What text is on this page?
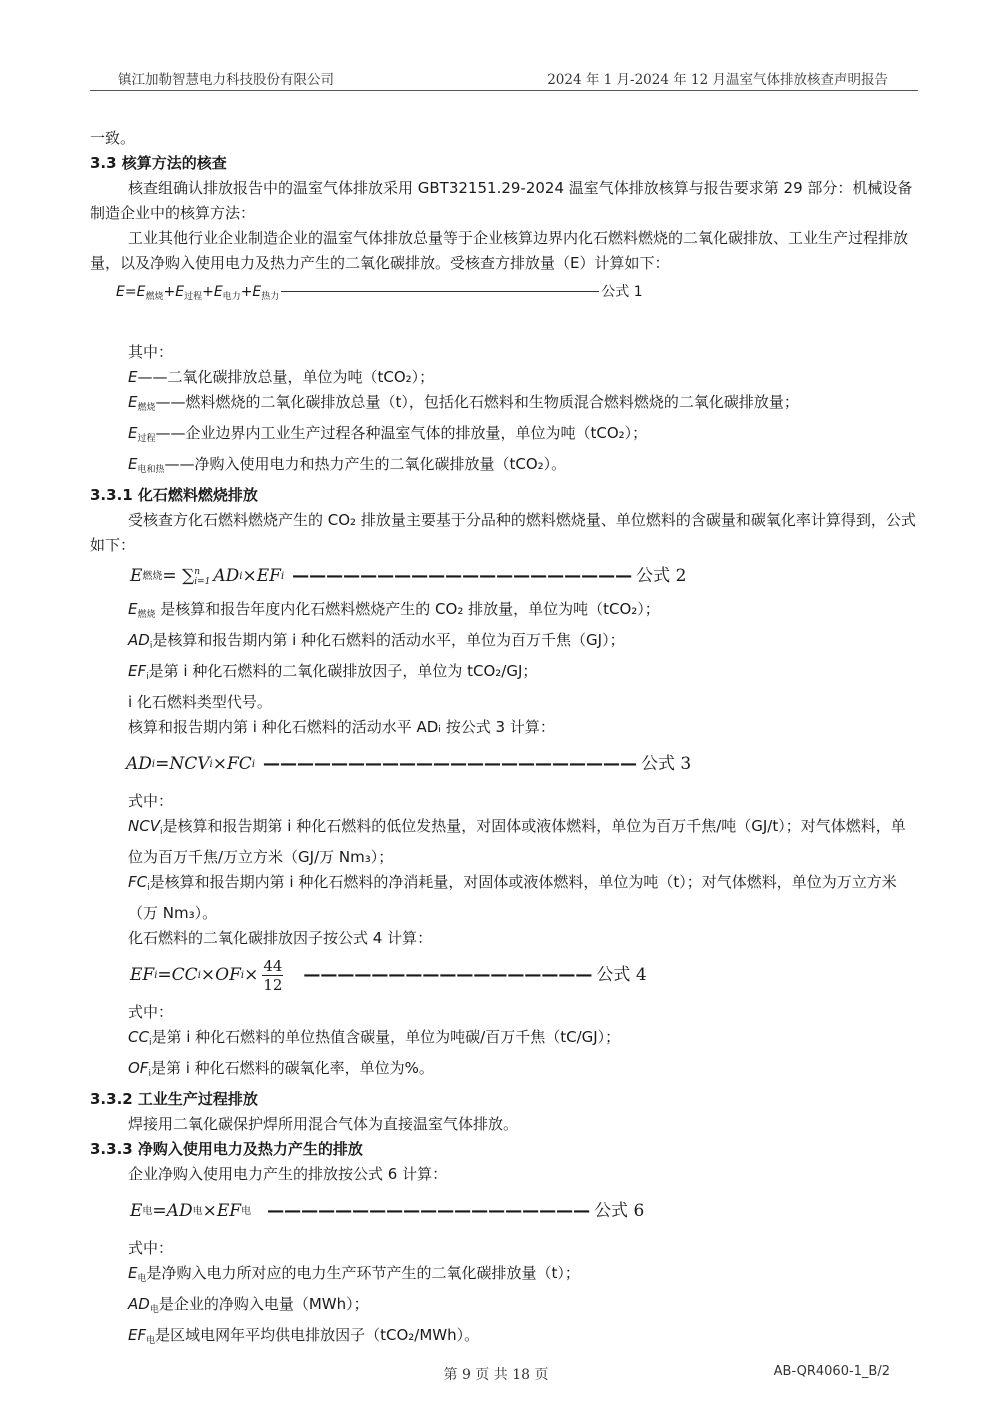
镇江加勒智慧电力科技股份有限公司	2024 年 1 月-2024 年 12 月温室气体排放核查声明报告

一致。

3.3 核算方法的核查

核查组确认排放报告中的温室气体排放采用 GBT32151.29-2024 温室气体排放核算与报告要求第 29 部分：机械设备制造企业中的核算方法：

工业其他行业企业制造企业的温室气体排放总量等于企业核算边界内化石燃料燃烧的二氧化碳排放、工业生产过程排放量，以及净购入使用电力及热力产生的二氧化碳排放。受核查方排放量（E）计算如下：

$E=E_{燃烧}+E_{过程}+E_{电力}+E_{热力}$	公式 1

其中：

E——二氧化碳排放总量，单位为吨（tCO₂）；

$E_{燃烧}——$燃料燃烧的二氧化碳排放总量（t），包括化石燃料和生物质混合燃料燃烧的二氧化碳排放量；

$E_{过程}——$企业边界内工业生产过程各种温室气体的排放量，单位为吨（tCO₂）；

$E_{电和热}——$净购入使用电力和热力产生的二氧化碳排放量（tCO₂）。

3.3.1 化石燃料燃烧排放

受核查方化石燃料燃烧产生的 CO₂ 排放量主要基于分品种的燃料燃烧量、单位燃料的含碳量和碳氧化率计算得到，公式如下：

E 燃烧 = ∑ n
i=1 AD i × EF i ———————————————————— 公式 2

$E_{燃烧}$ 是核算和报告年度内化石燃料燃烧产生的 CO₂ 排放量，单位为吨（tCO₂）；

$AD_i$是核算和报告期内第 i 种化石燃料的活动水平，单位为百万千焦（GJ）；

$EF_i$是第 i 种化石燃料的二氧化碳排放因子，单位为 tCO₂/GJ；

i 化石燃料类型代号。

核算和报告期内第 i 种化石燃料的活动水平 ADᵢ 按公式 3 计算：

AD i = NCV i × FC i —————————————————————— 公式 3

式中：

$NCV_i$是核算和报告期第 i 种化石燃料的低位发热量，对固体或液体燃料，单位为百万千焦/吨（GJ/t）；对气体燃料，单位为百万千焦/万立方米（GJ/万 Nm₃）；

$FC_i$是核算和报告期内第 i 种化石燃料的净消耗量，对固体或液体燃料，单位为吨（t）；对气体燃料，单位为万立方米（万 Nm₃）。

化石燃料的二氧化碳排放因子按公式 4 计算：

EF i = CC i × OF $i \times \frac{44}{12}$ ————————————————— 公式 4

式中：

$CC_i$是第 i 种化石燃料的单位热值含碳量，单位为吨碳/百万千焦（tC/GJ）；

$OF_i$是第 i 种化石燃料的碳氧化率，单位为%。

3.3.2 工业生产过程排放

焊接用二氧化碳保护焊所用混合气体为直接温室气体排放。

3.3.3 净购入使用电力及热力产生的排放

企业净购入使用电力产生的排放按公式 6 计算：

E 电 = AD 电 × EF 电 ——————————————————— 公式 6

式中：

$E_电$是净购入电力所对应的电力生产环节产生的二氧化碳排放量（t）；

$AD_电$是企业的净购入电量（MWh）；

$EF_电$是区域电网年平均供电排放因子（tCO₂/MWh）。

第 9 页 共 18 页	AB-QR4060-1_B/2
